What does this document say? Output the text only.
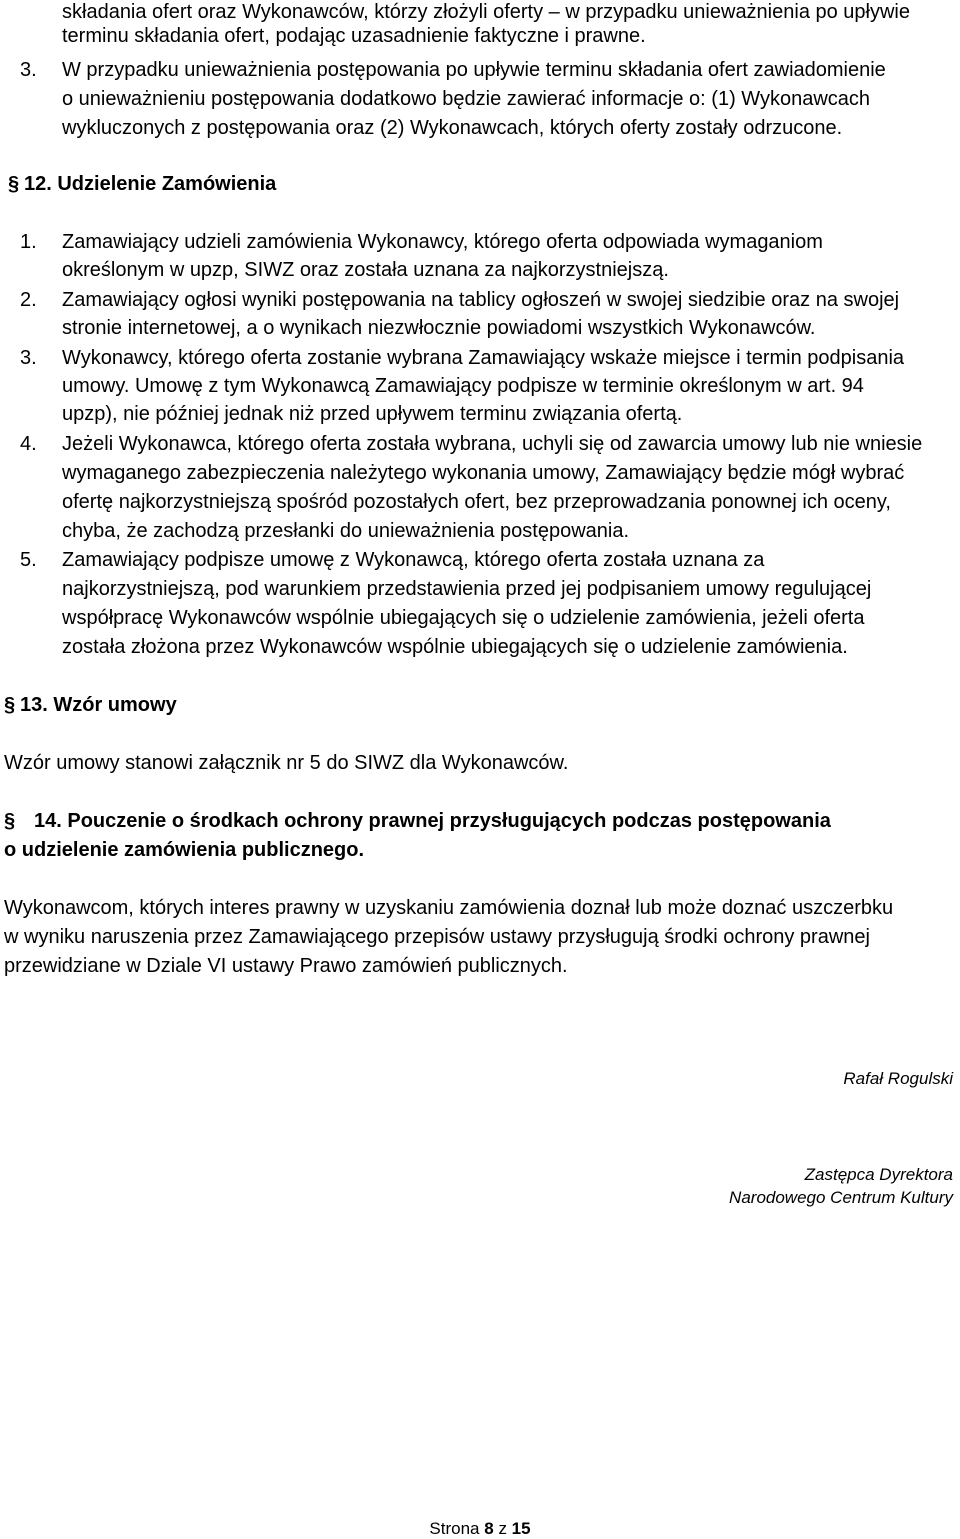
składania ofert oraz Wykonawców, którzy złożyli oferty – w przypadku unieważnienia po upływie
terminu składania ofert, podając uzasadnienie faktyczne i prawne.
3. W przypadku unieważnienia postępowania po upływie terminu składania ofert zawiadomienie
o unieważnieniu postępowania dodatkowo będzie zawierać informacje o: (1) Wykonawcach
wykluczonych z postępowania oraz (2) Wykonawcach, których oferty zostały odrzucone.
§ 12. Udzielenie Zamówienia
1. Zamawiający udzieli zamówienia Wykonawcy, którego oferta odpowiada wymaganiom
określonym w upzp, SIWZ oraz została uznana za najkorzystniejszą.
2. Zamawiający ogłosi wyniki postępowania na tablicy ogłoszeń w swojej siedzibie oraz na swojej
stronie internetowej, a o wynikach niezwłocznie powiadomi wszystkich Wykonawców.
3. Wykonawcy, którego oferta zostanie wybrana Zamawiający wskaże miejsce i termin podpisania
umowy. Umowę z tym Wykonawcą Zamawiający podpisze w terminie określonym w art. 94
upzp), nie później jednak niż przed upływem terminu związania ofertą.
4. Jeżeli Wykonawca, którego oferta została wybrana, uchyli się od zawarcia umowy lub nie wniesie
wymaganego zabezpieczenia należytego wykonania umowy, Zamawiający będzie mógł wybrać
ofertę najkorzystniejszą spośród pozostałych ofert, bez przeprowadzania ponownej ich oceny,
chyba, że zachodzą przesłanki do unieważnienia postępowania.
5. Zamawiający podpisze umowę z Wykonawcą, którego oferta została uznana za
najkorzystniejszą, pod warunkiem przedstawienia przed jej podpisaniem umowy regulującej
współpracę Wykonawców wspólnie ubiegających się o udzielenie zamówienia, jeżeli oferta
została złożona przez Wykonawców wspólnie ubiegających się o udzielenie zamówienia.
§ 13. Wzór umowy
Wzór umowy stanowi załącznik nr 5 do SIWZ dla Wykonawców.
§ 14. Pouczenie o środkach ochrony prawnej przysługujących podczas postępowania
o udzielenie zamówienia publicznego.
Wykonawcom, których interes prawny w uzyskaniu zamówienia doznał lub może doznać uszczerbku
w wyniku naruszenia przez Zamawiającego przepisów ustawy przysługują środki ochrony prawnej
przewidziane w Dziale VI ustawy Prawo zamówień publicznych.
Rafał Rogulski
Zastępca Dyrektora
Narodowego Centrum Kultury
Strona 8 z 15
